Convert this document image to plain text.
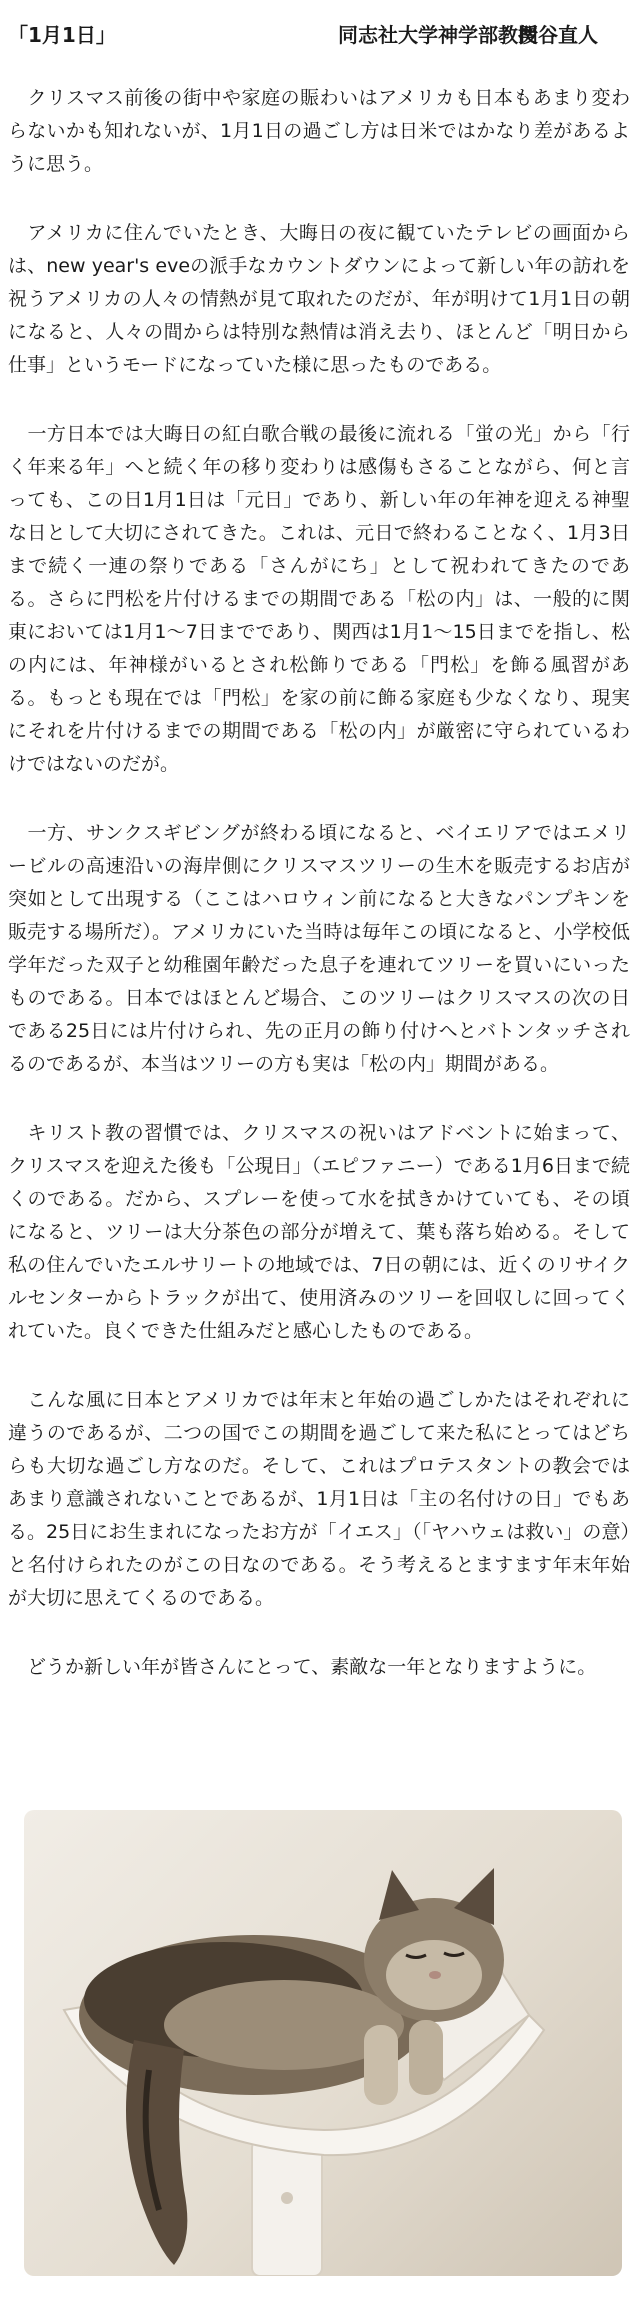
「1月1日」	同志社大学神学部教授
関谷直人

　クリスマス前後の街中や家庭の賑わいはアメリカも日本もあまり変わらないかも知れないが、1月1日の過ごし方は日米ではかなり差があるように思う。

　アメリカに住んでいたとき、大晦日の夜に観ていたテレビの画面からは、new year's eveの派手なカウントダウンによって新しい年の訪れを祝うアメリカの人々の情熱が見て取れたのだが、年が明けて1月1日の朝になると、人々の間からは特別な熱情は消え去り、ほとんど「明日から仕事」というモードになっていた様に思ったものである。

　一方日本では大晦日の紅白歌合戦の最後に流れる「蛍の光」から「行く年来る年」へと続く年の移り変わりは感傷もさることながら、何と言っても、この日1月1日は「元日」であり、新しい年の年神を迎える神聖な日として大切にされてきた。これは、元日で終わることなく、1月3日まで続く一連の祭りである「さんがにち」として祝われてきたのである。さらに門松を片付けるまでの期間である「松の内」は、一般的に関東においては1月1〜7日までであり、関西は1月1〜15日までを指し、松の内には、年神様がいるとされ松飾りである「門松」を飾る風習がある。もっとも現在では「門松」を家の前に飾る家庭も少なくなり、現実にそれを片付けるまでの期間である「松の内」が厳密に守られているわけではないのだが。

　一方、サンクスギビングが終わる頃になると、ベイエリアではエメリービルの高速沿いの海岸側にクリスマスツリーの生木を販売するお店が突如として出現する（ここはハロウィン前になると大きなパンプキンを販売する場所だ）。アメリカにいた当時は毎年この頃になると、小学校低学年だった双子と幼稚園年齢だった息子を連れてツリーを買いにいったものである。日本ではほとんど場合、このツリーはクリスマスの次の日である25日には片付けられ、先の正月の飾り付けへとバトンタッチされるのであるが、本当はツリーの方も実は「松の内」期間がある。

　キリスト教の習慣では、クリスマスの祝いはアドベントに始まって、クリスマスを迎えた後も「公現日」（エピファニー）である1月6日まで続くのである。だから、スプレーを使って水を拭きかけていても、その頃になると、ツリーは大分茶色の部分が増えて、葉も落ち始める。そして私の住んでいたエルサリートの地域では、7日の朝には、近くのリサイクルセンターからトラックが出て、使用済みのツリーを回収しに回ってくれていた。良くできた仕組みだと感心したものである。

　こんな風に日本とアメリカでは年末と年始の過ごしかたはそれぞれに違うのであるが、二つの国でこの期間を過ごして来た私にとってはどちらも大切な過ごし方なのだ。そして、これはプロテスタントの教会ではあまり意識されないことであるが、1月1日は「主の名付けの日」でもある。25日にお生まれになったお方が「イエス」（「ヤハウェは救い」の意）と名付けられたのがこの日なのである。そう考えるとますます年末年始が大切に思えてくるのである。

　どうか新しい年が皆さんにとって、素敵な一年となりますように。
